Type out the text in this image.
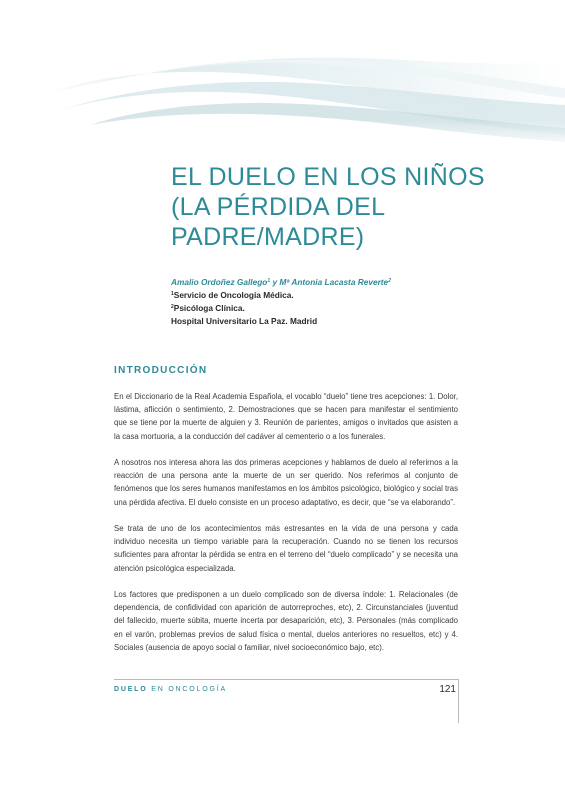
EL DUELO EN LOS NIÑOS
(LA PÉRDIDA DEL
PADRE/MADRE)
Amalio Ordoñez Gallego$^1$ y Mª Antonia Lacasta Reverte$^2$
$^1$Servicio de Oncología Médica.
$^2$Psicóloga Clínica.
Hospital Universitario La Paz. Madrid
INTRODUCCIÓN

En el Diccionario de la Real Academia Española, el vocablo “duelo” tiene tres acepciones: 1. Dolor, lástima, aflicción o sentimiento, 2. Demostraciones que se hacen para manifestar el sentimiento que se tiene por la muerte de alguien y 3. Reunión de parientes, amigos o invitados que asisten a la casa mortuoria, a la conducción del cadáver al cementerio o a los funerales.

A nosotros nos interesa ahora las dos primeras acepciones y hablamos de duelo al referirnos a la reacción de una persona ante la muerte de un ser querido. Nos referimos al conjunto de fenómenos que los seres humanos manifestamos en los ámbitos psicológico, biológico y social tras una pérdida afectiva. El duelo consiste en un proceso adaptativo, es decir, que “se va elaborando”.

Se trata de uno de los acontecimientos más estresantes en la vida de una persona y cada individuo necesita un tiempo variable para la recuperación. Cuando no se tienen los recursos suficientes para afrontar la pérdida se entra en el terreno del “duelo complicado” y se necesita una atención psicológica especializada.

Los factores que predisponen a un duelo complicado son de diversa índole: 1. Relacionales (de dependencia, de confidividad con aparición de autorreproches, etc), 2. Circunstanciales (juventud del fallecido, muerte súbita, muerte incerta por desaparición, etc), 3. Personales (más complicado en el varón, problemas previos de salud física o mental, duelos anteriores no resueltos, etc) y 4. Sociales (ausencia de apoyo social o familiar, nivel socioeconómico bajo, etc).

DUELO EN ONCOLOGÍA	121
